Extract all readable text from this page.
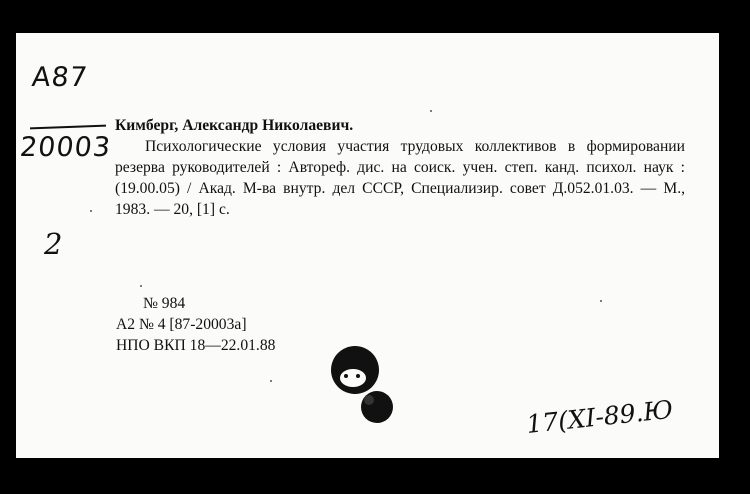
А87
20003
2
Кимберг, Александр Николаевич.
Психологические условия участия трудовых коллективов в формировании резерва руководителей : Автореф. дис. на соиск. учен. степ. канд. психол. наук : (19.00.05) / Акад. М-ва внутр. дел СССР, Специализир. совет Д.052.01.03. — М., 1983. — 20, [1] с.
№ 984
А2 № 4 [87-20003а]
НПО ВКП 18—22.01.88
17(XI-89.Ю
